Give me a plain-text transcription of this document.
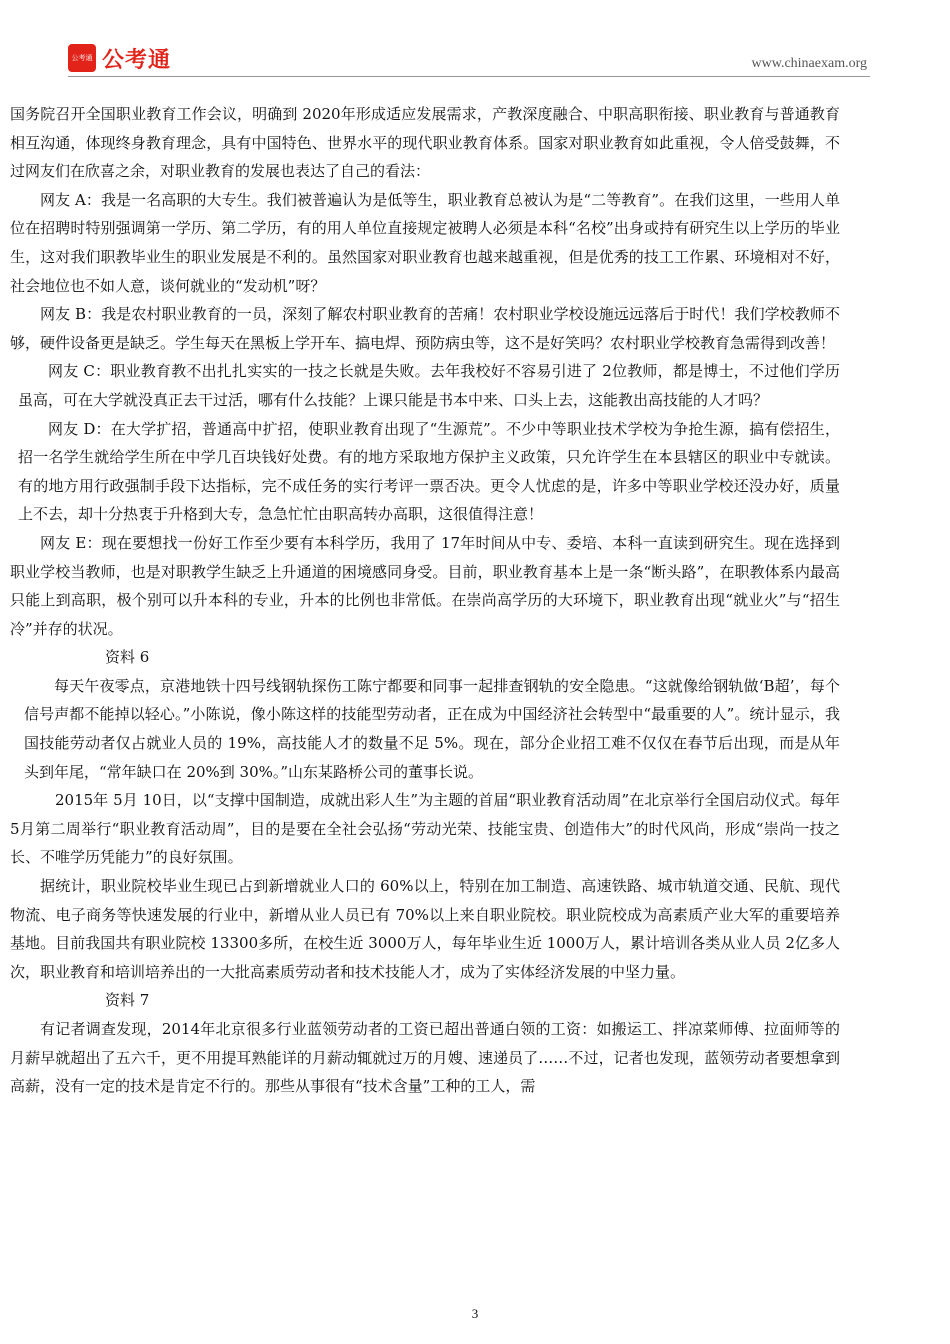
公考通 公考通	www.chinaexam.org

国务院召开全国职业教育工作会议，明确到 2020年形成适应发展需求，产教深度融合、中职高职衔接、职业教育与普通教育相互沟通，体现终身教育理念，具有中国特色、世界水平的现代职业教育体系。国家对职业教育如此重视，令人倍受鼓舞，不过网友们在欣喜之余，对职业教育的发展也表达了自己的看法：

网友 A：我是一名高职的大专生。我们被普遍认为是低等生，职业教育总被认为是“二等教育”。在我们这里，一些用人单位在招聘时特别强调第一学历、第二学历，有的用人单位直接规定被聘人必须是本科“名校”出身或持有研究生以上学历的毕业生，这对我们职教毕业生的职业发展是不利的。虽然国家对职业教育也越来越重视，但是优秀的技工工作累、环境相对不好，社会地位也不如人意，谈何就业的“发动机”呀？

网友 B：我是农村职业教育的一员，深刻了解农村职业教育的苦痛！农村职业学校设施远远落后于时代！我们学校教师不够，硬件设备更是缺乏。学生每天在黑板上学开车、搞电焊、预防病虫等，这不是好笑吗？农村职业学校教育急需得到改善！

网友 C：职业教育教不出扎扎实实的一技之长就是失败。去年我校好不容易引进了 2位教师，都是博士，不过他们学历虽高，可在大学就没真正去干过活，哪有什么技能？上课只能是书本中来、口头上去，这能教出高技能的人才吗？

网友 D：在大学扩招，普通高中扩招，使职业教育出现了“生源荒”。不少中等职业技术学校为争抢生源，搞有偿招生，招一名学生就给学生所在中学几百块钱好处费。有的地方采取地方保护主义政策，只允许学生在本县辖区的职业中专就读。有的地方用行政强制手段下达指标，完不成任务的实行考评一票否决。更令人忧虑的是，许多中等职业学校还没办好，质量上不去，却十分热衷于升格到大专，急急忙忙由职高转办高职，这很值得注意！

网友 E：现在要想找一份好工作至少要有本科学历，我用了 17年时间从中专、委培、本科一直读到研究生。现在选择到职业学校当教师，也是对职教学生缺乏上升通道的困境感同身受。目前，职业教育基本上是一条“断头路”，在职教体系内最高只能上到高职，极个别可以升本科的专业，升本的比例也非常低。在崇尚高学历的大环境下，职业教育出现“就业火”与“招生冷”并存的状况。

资料 6

每天午夜零点，京港地铁十四号线钢轨探伤工陈宁都要和同事一起排查钢轨的安全隐患。“这就像给钢轨做‘B超’，每个信号声都不能掉以轻心。”小陈说，像小陈这样的技能型劳动者，正在成为中国经济社会转型中“最重要的人”。统计显示，我国技能劳动者仅占就业人员的 19%，高技能人才的数量不足 5%。现在，部分企业招工难不仅仅在春节后出现，而是从年头到年尾，“常年缺口在 20%到 30%。”山东某路桥公司的董事长说。

2015年 5月 10日，以“支撑中国制造，成就出彩人生”为主题的首届“职业教育活动周”在北京举行全国启动仪式。每年 5月第二周举行“职业教育活动周”，目的是要在全社会弘扬“劳动光荣、技能宝贵、创造伟大”的时代风尚，形成“崇尚一技之长、不唯学历凭能力”的良好氛围。

据统计，职业院校毕业生现已占到新增就业人口的 60%以上，特别在加工制造、高速铁路、城市轨道交通、民航、现代物流、电子商务等快速发展的行业中，新增从业人员已有 70%以上来自职业院校。职业院校成为高素质产业大军的重要培养基地。目前我国共有职业院校 13300多所，在校生近 3000万人，每年毕业生近 1000万人，累计培训各类从业人员 2亿多人次，职业教育和培训培养出的一大批高素质劳动者和技术技能人才，成为了实体经济发展的中坚力量。

资料 7

有记者调查发现，2014年北京很多行业蓝领劳动者的工资已超出普通白领的工资：如搬运工、拌凉菜师傅、拉面师等的月薪早就超出了五六千，更不用提耳熟能详的月薪动辄就过万的月嫂、速递员了……不过，记者也发现，蓝领劳动者要想拿到高薪，没有一定的技术是肯定不行的。那些从事很有“技术含量”工种的工人，需

3
